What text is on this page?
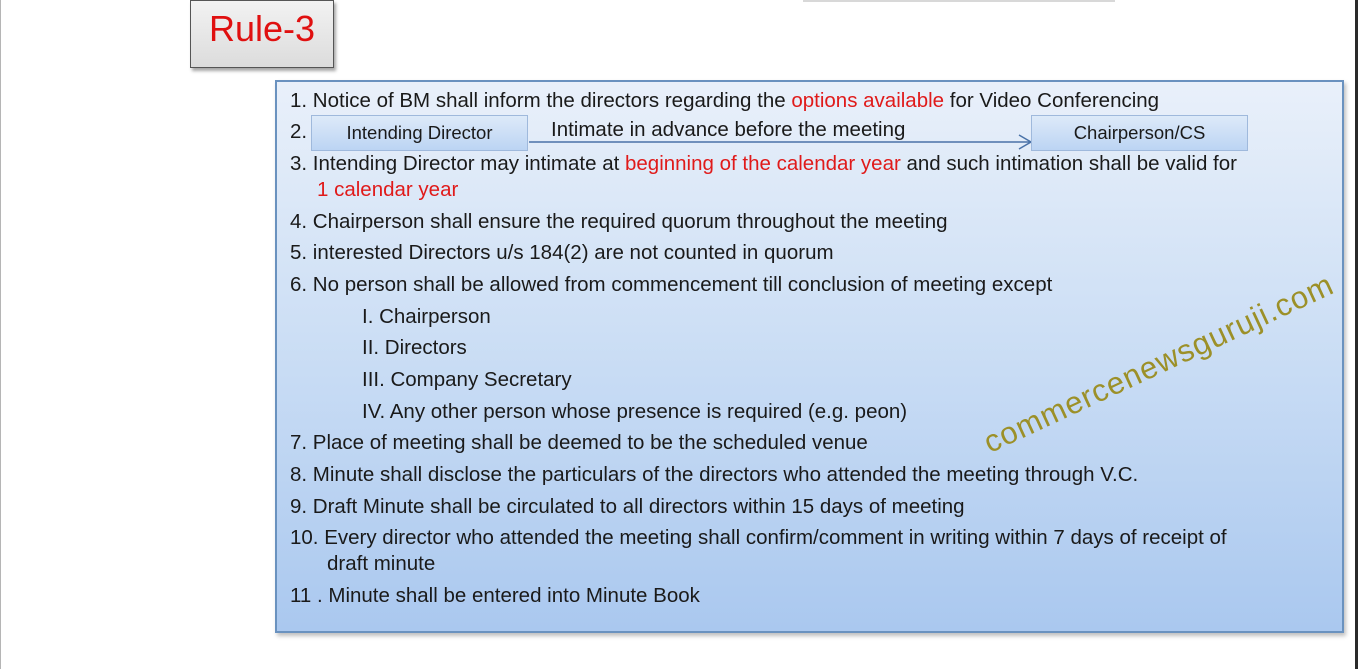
Rule-3
1. Notice of BM shall inform the directors regarding the options available for Video Conferencing
2.	Intending Director	Intimate in advance before the meeting	Chairperson/CS
3. Intending Director may intimate at beginning of the calendar year and such intimation shall be valid for
1 calendar year
4. Chairperson shall ensure the required quorum throughout the meeting
5. interested Directors u/s 184(2) are not counted in quorum
6. No person shall be allowed from commencement till conclusion of meeting except
I. Chairperson
II. Directors
III. Company Secretary
IV. Any other person whose presence is required (e.g. peon)
7. Place of meeting shall be deemed to be the scheduled venue
8. Minute shall disclose the particulars of the directors who attended the meeting through V.C.
9. Draft Minute shall be circulated to all directors within 15 days of meeting
10. Every director who attended the meeting shall confirm/comment in writing within 7 days of receipt of
draft minute
11 . Minute shall be entered into Minute Book
commercenewsguruji.com
